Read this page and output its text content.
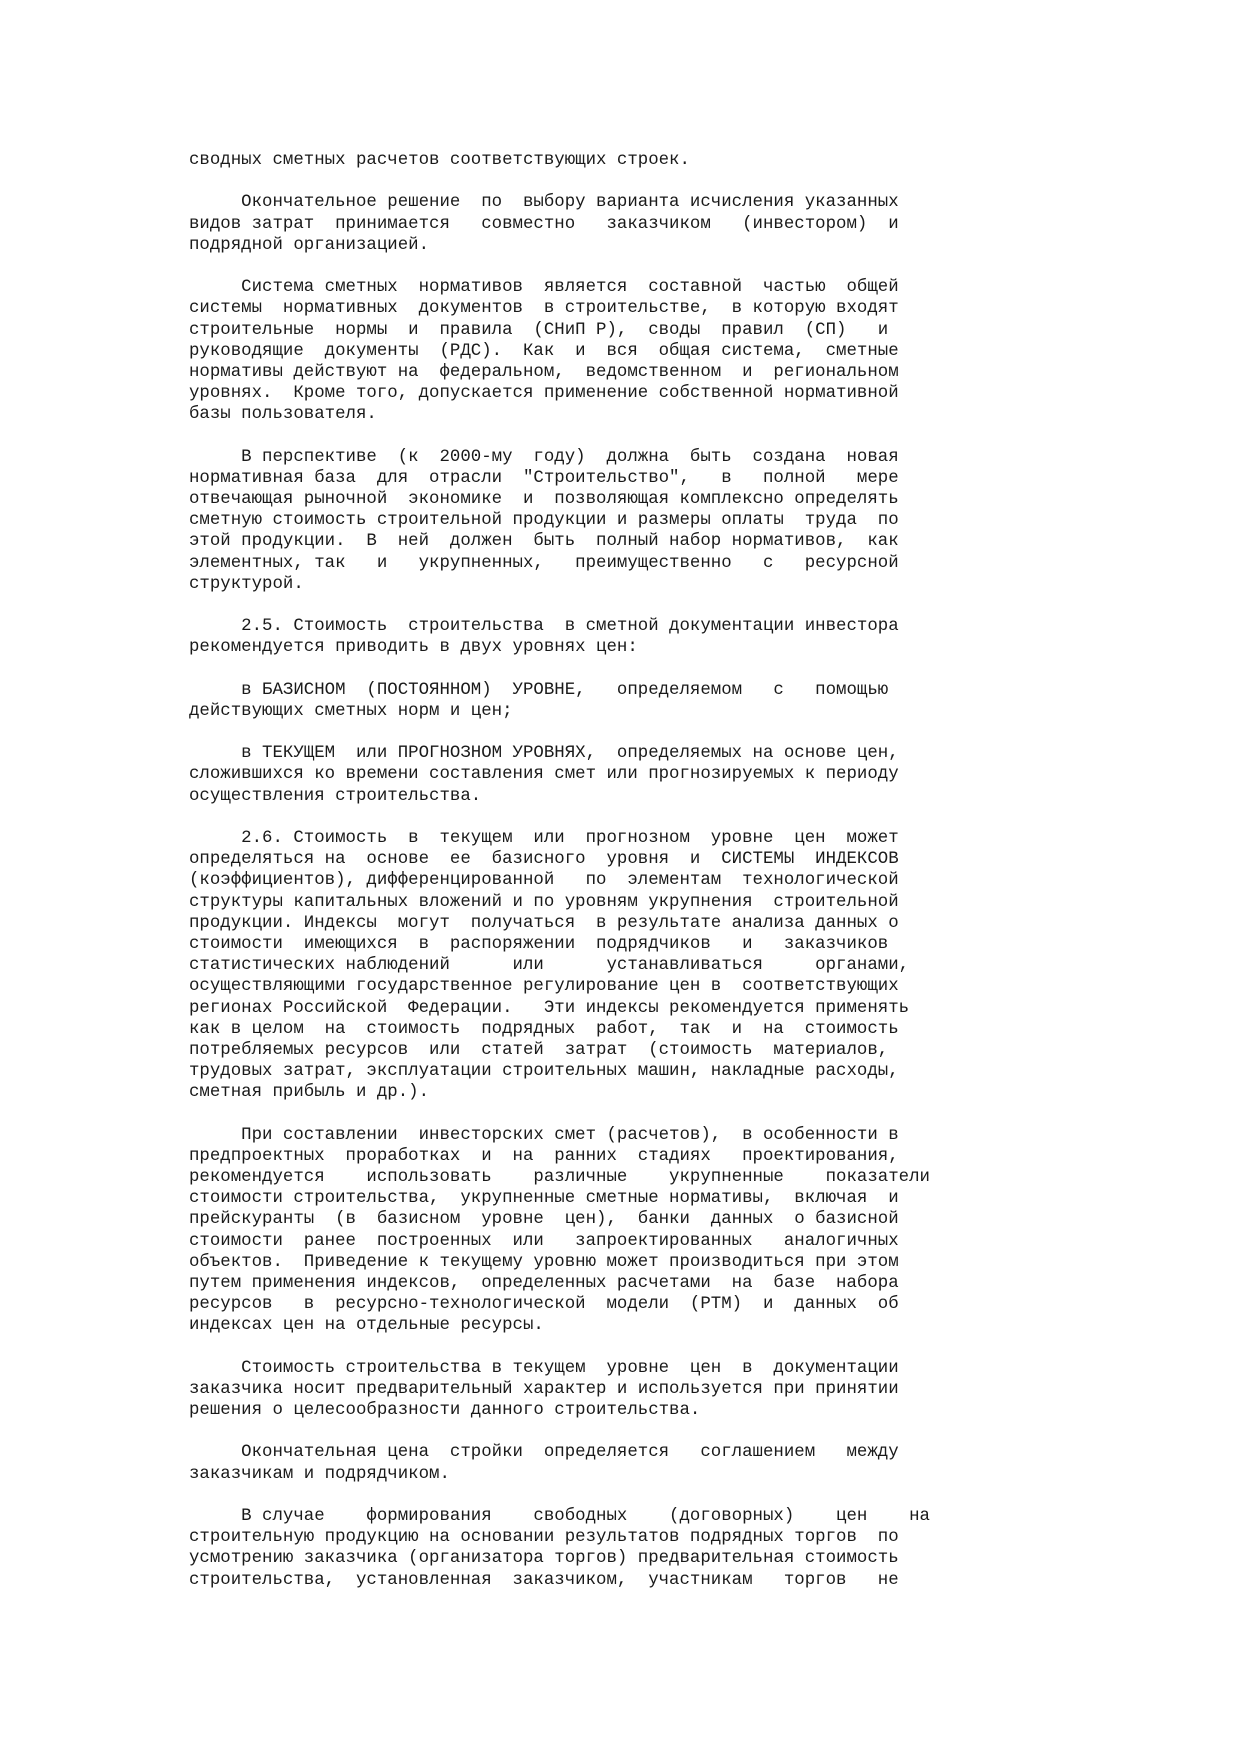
сводных сметных расчетов соответствующих строек.
Окончательное решение  по  выбору варианта исчисления указанных
видов затрат  принимается   совместно   заказчиком   (инвестором)  и
подрядной организацией.
Система сметных  нормативов  является  составной  частью  общей
системы  нормативных  документов  в строительстве,  в которую входят
строительные  нормы  и  правила  (СНиП Р),  своды  правил  (СП)   и
руководящие  документы  (РДС).  Как  и  вся  общая система,  сметные
нормативы действуют на  федеральном,  ведомственном  и  региональном
уровнях.  Кроме того, допускается применение собственной нормативной
базы пользователя.
В перспективе  (к  2000-му  году)  должна  быть  создана  новая
нормативная база  для  отрасли  "Строительство",   в   полной   мере
отвечающая рыночной  экономике  и  позволяющая комплексно определять
сметную стоимость строительной продукции и размеры оплаты  труда  по
этой продукции.  В  ней  должен  быть  полный набор нормативов,  как
элементных, так   и   укрупненных,   преимущественно   с   ресурсной
структурой.
2.5. Стоимость  строительства  в сметной документации инвестора
рекомендуется приводить в двух уровнях цен:
в БАЗИСНОМ  (ПОСТОЯННОМ)  УРОВНЕ,   определяемом   с   помощью
действующих сметных норм и цен;
в ТЕКУЩЕМ  или ПРОГНОЗНОМ УРОВНЯХ,  определяемых на основе цен,
сложившихся ко времени составления смет или прогнозируемых к периоду
осуществления строительства.
2.6. Стоимость  в  текущем  или  прогнозном  уровне  цен  может
определяться на  основе  ее  базисного  уровня  и  СИСТЕМЫ  ИНДЕКСОВ
(коэффициентов), дифференцированной   по  элементам  технологической
структуры капитальных вложений и по уровням укрупнения  строительной
продукции. Индексы  могут  получаться  в результате анализа данных о
стоимости  имеющихся  в  распоряжении  подрядчиков   и   заказчиков
статистических наблюдений      или      устанавливаться     органами,
осуществляющими государственное регулирование цен в  соответствующих
регионах Российской  Федерации.   Эти индексы рекомендуется применять
как в целом  на  стоимость  подрядных  работ,  так  и  на  стоимость
потребляемых ресурсов  или  статей  затрат  (стоимость  материалов,
трудовых затрат, эксплуатации строительных машин, накладные расходы,
сметная прибыль и др.).
При составлении  инвесторских смет (расчетов),  в особенности в
предпроектных  проработках  и  на  ранних  стадиях   проектирования,
рекомендуется    использовать    различные    укрупненные    показатели
стоимости строительства,  укрупненные сметные нормативы,  включая  и
прейскуранты  (в  базисном  уровне  цен),  банки  данных  о базисной
стоимости  ранее  построенных  или   запроектированных   аналогичных
объектов.  Приведение к текущему уровню может производиться при этом
путем применения индексов,  определенных расчетами  на  базе  набора
ресурсов   в  ресурсно-технологической  модели  (РТМ)  и  данных  об
индексах цен на отдельные ресурсы.
Стоимость строительства в текущем  уровне  цен  в  документации
заказчика носит предварительный характер и используется при принятии
решения о целесообразности данного строительства.
Окончательная цена  стройки  определяется   соглашением   между
заказчикам и подрядчиком.
В случае    формирования    свободных    (договорных)    цен    на
строительную продукцию на основании результатов подрядных торгов  по
усмотрению заказчика (организатора торгов) предварительная стоимость
строительства,  установленная  заказчиком,  участникам   торгов   не
